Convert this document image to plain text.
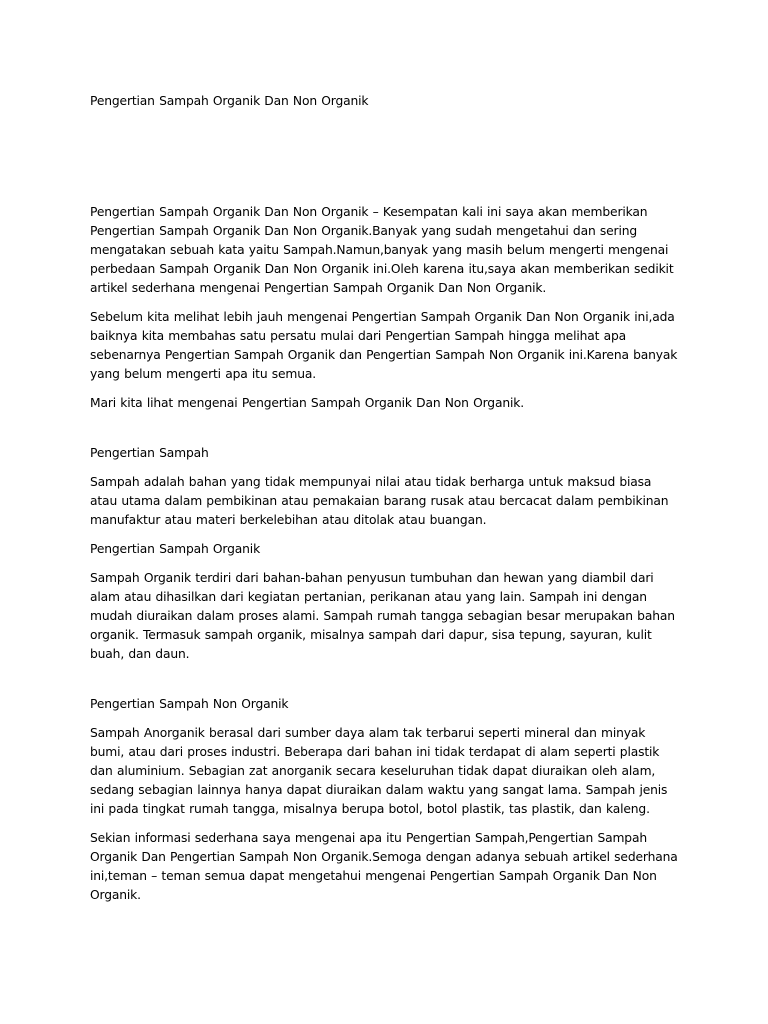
Pengertian Sampah Organik Dan Non Organik

Pengertian Sampah Organik Dan Non Organik – Kesempatan kali ini saya akan memberikan Pengertian Sampah Organik Dan Non Organik.Banyak yang sudah mengetahui dan sering mengatakan sebuah kata yaitu Sampah.Namun,banyak yang masih belum mengerti mengenai perbedaan Sampah Organik Dan Non Organik ini.Oleh karena itu,saya akan memberikan sedikit artikel sederhana mengenai Pengertian Sampah Organik Dan Non Organik.

Sebelum kita melihat lebih jauh mengenai Pengertian Sampah Organik Dan Non Organik ini,ada baiknya kita membahas satu persatu mulai dari Pengertian Sampah hingga melihat apa sebenarnya Pengertian Sampah Organik dan Pengertian Sampah Non Organik ini.Karena banyak yang belum mengerti apa itu semua.

Mari kita lihat mengenai Pengertian Sampah Organik Dan Non Organik.

Pengertian Sampah

Sampah adalah bahan yang tidak mempunyai nilai atau tidak berharga untuk maksud biasa atau utama dalam pembikinan atau pemakaian barang rusak atau bercacat dalam pembikinan manufaktur atau materi berkelebihan atau ditolak atau buangan.

Pengertian Sampah Organik

Sampah Organik terdiri dari bahan-bahan penyusun tumbuhan dan hewan yang diambil dari alam atau dihasilkan dari kegiatan pertanian, perikanan atau yang lain. Sampah ini dengan mudah diuraikan dalam proses alami. Sampah rumah tangga sebagian besar merupakan bahan organik. Termasuk sampah organik, misalnya sampah dari dapur, sisa tepung, sayuran, kulit buah, dan daun.

Pengertian Sampah Non Organik

Sampah Anorganik berasal dari sumber daya alam tak terbarui seperti mineral dan minyak bumi, atau dari proses industri. Beberapa dari bahan ini tidak terdapat di alam seperti plastik dan aluminium. Sebagian zat anorganik secara keseluruhan tidak dapat diuraikan oleh alam, sedang sebagian lainnya hanya dapat diuraikan dalam waktu yang sangat lama. Sampah jenis ini pada tingkat rumah tangga, misalnya berupa botol, botol plastik, tas plastik, dan kaleng.

Sekian informasi sederhana saya mengenai apa itu Pengertian Sampah,Pengertian Sampah Organik Dan Pengertian Sampah Non Organik.Semoga dengan adanya sebuah artikel sederhana ini,teman – teman semua dapat mengetahui mengenai Pengertian Sampah Organik Dan Non Organik.
